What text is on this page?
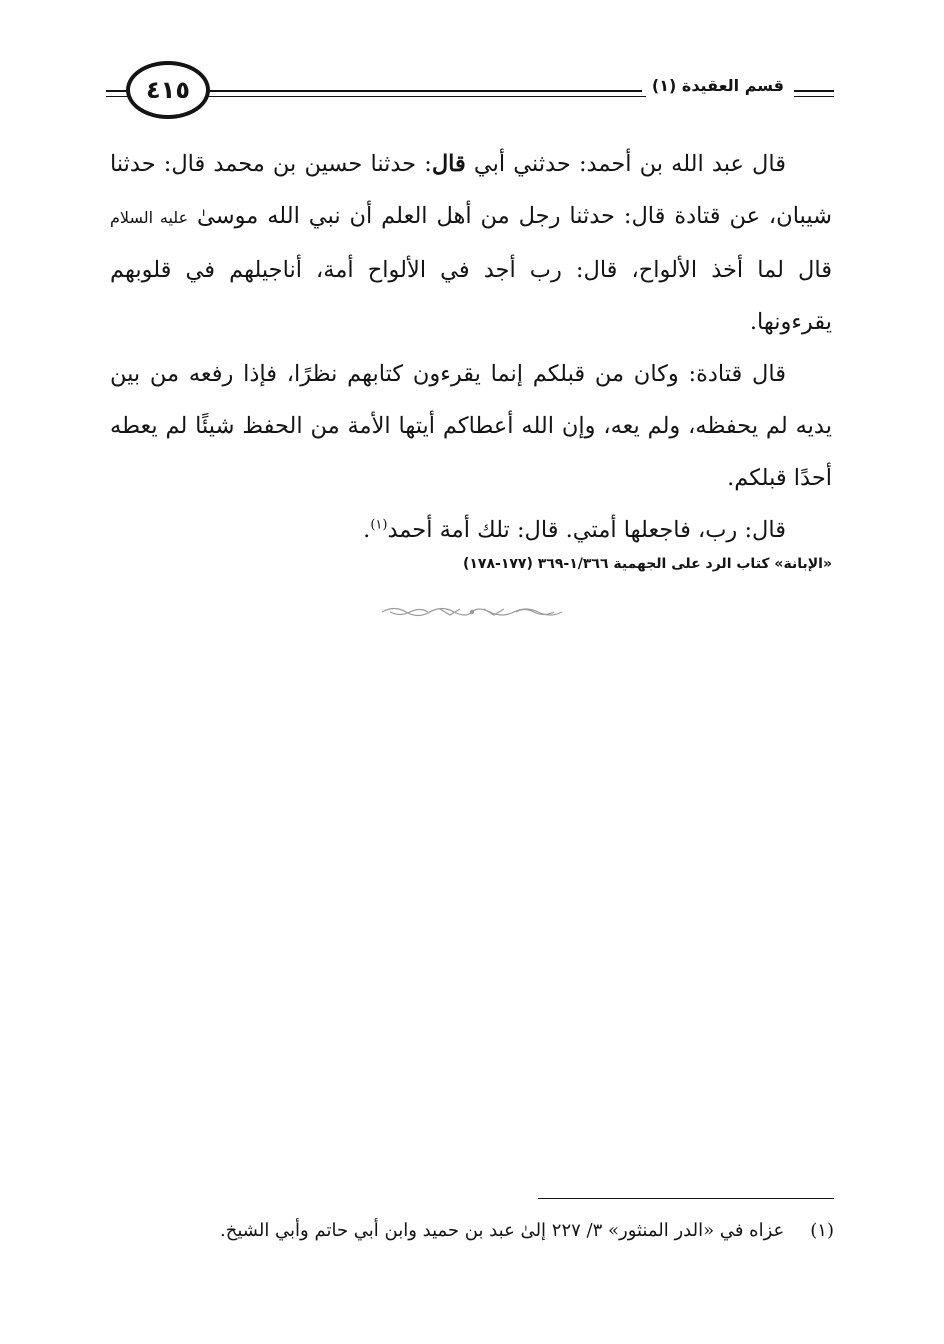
٤١٥	قسم العقيدة (١)

قال عبد الله بن أحمد: حدثني أبي قال: حدثنا حسين بن محمد قال: حدثنا شيبان، عن قتادة قال: حدثنا رجل من أهل العلم أن نبي الله موسىٰ عليه السلام قال لما أخذ الألواح، قال: رب أجد في الألواح أمة، أناجيلهم في قلوبهم يقرءونها.

قال قتادة: وكان من قبلكم إنما يقرءون كتابهم نظرًا، فإذا رفعه من بين يديه لم يحفظه، ولم يعه، وإن الله أعطاكم أيتها الأمة من الحفظ شيئًا لم يعطه أحدًا قبلكم.

قال: رب، فاجعلها أمتي. قال: تلك أمة أحمد$^{(١)}$.

«الإبانة» كتاب الرد على الجهمية ١/٣٦٦-٣٦٩ (١٧٧-١٧٨)
(١)عزاه في «الدر المنثور» ٣/ ٢٢٧ إلىٰ عبد بن حميد وابن أبي حاتم وأبي الشيخ.
